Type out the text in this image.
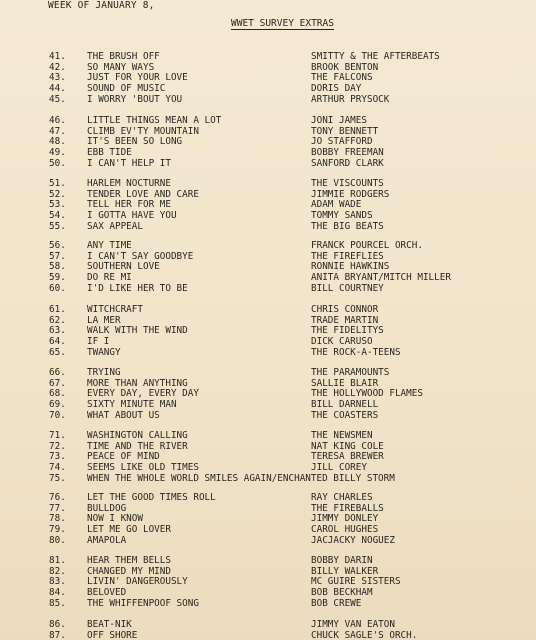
WEEK OF JANUARY 8,
WWET SURVEY EXTRAS
41. THE BRUSH OFF	SMITTY & THE AFTERBEATS
42. SO MANY WAYS	BROOK BENTON
43. JUST FOR YOUR LOVE	THE FALCONS
44. SOUND OF MUSIC	DORIS DAY
45. I WORRY 'BOUT YOU	ARTHUR PRYSOCK
46. LITTLE THINGS MEAN A LOT	JONI JAMES
47. CLIMB EV'TY MOUNTAIN	TONY BENNETT
48. IT'S BEEN SO LONG	JO STAFFORD
49. EBB TIDE	BOBBY FREEMAN
50. I CAN'T HELP IT	SANFORD CLARK
51. HARLEM NOCTURNE	THE VISCOUNTS
52. TENDER LOVE AND CARE	JIMMIE RODGERS
53. TELL HER FOR ME	ADAM WADE
54. I GOTTA HAVE YOU	TOMMY SANDS
55. SAX APPEAL	THE BIG BEATS
56. ANY TIME	FRANCK POURCEL ORCH.
57. I CAN'T SAY GOODBYE	THE FIREFLIES
58. SOUTHERN LOVE	RONNIE HAWKINS
59. DO RE MI	ANITA BRYANT/MITCH MILLER
60. I'D LIKE HER TO BE	BILL COURTNEY
61. WITCHCRAFT	CHRIS CONNOR
62. LA MER	TRADE MARTIN
63. WALK WITH THE WIND	THE FIDELITYS
64. IF I	DICK CARUSO
65. TWANGY	THE ROCK-A-TEENS
66. TRYING	THE PARAMOUNTS
67. MORE THAN ANYTHING	SALLIE BLAIR
68. EVERY DAY, EVERY DAY	THE HOLLYWOOD FLAMES
69. SIXTY MINUTE MAN	BILL DARNELL
70. WHAT ABOUT US	THE COASTERS
71. WASHINGTON CALLING	THE NEWSMEN
72. TIME AND THE RIVER	NAT KING COLE
73. PEACE OF MIND	TERESA BREWER
74. SEEMS LIKE OLD TIMES	JILL COREY
75. WHEN THE WHOLE WORLD SMILES AGAIN/ENCHANTED BILLY STORM
76. LET THE GOOD TIMES ROLL	RAY CHARLES
77. BULLDOG	THE FIREBALLS
78. NOW I KNOW	JIMMY DONLEY
79. LET ME GO LOVER	CAROL HUGHES
80. AMAPOLA	JACJACKY NOGUEZ
81. HEAR THEM BELLS	BOBBY DARIN
82. CHANGED MY MIND	BILLY WALKER
83. LIVIN' DANGEROUSLY	MC GUIRE SISTERS
84. BELOVED	BOB BECKHAM
85. THE WHIFFENPOOF SONG	BOB CREWE
86. BEAT-NIK	JIMMY VAN EATON
87. OFF SHORE	CHUCK SAGLE'S ORCH.
